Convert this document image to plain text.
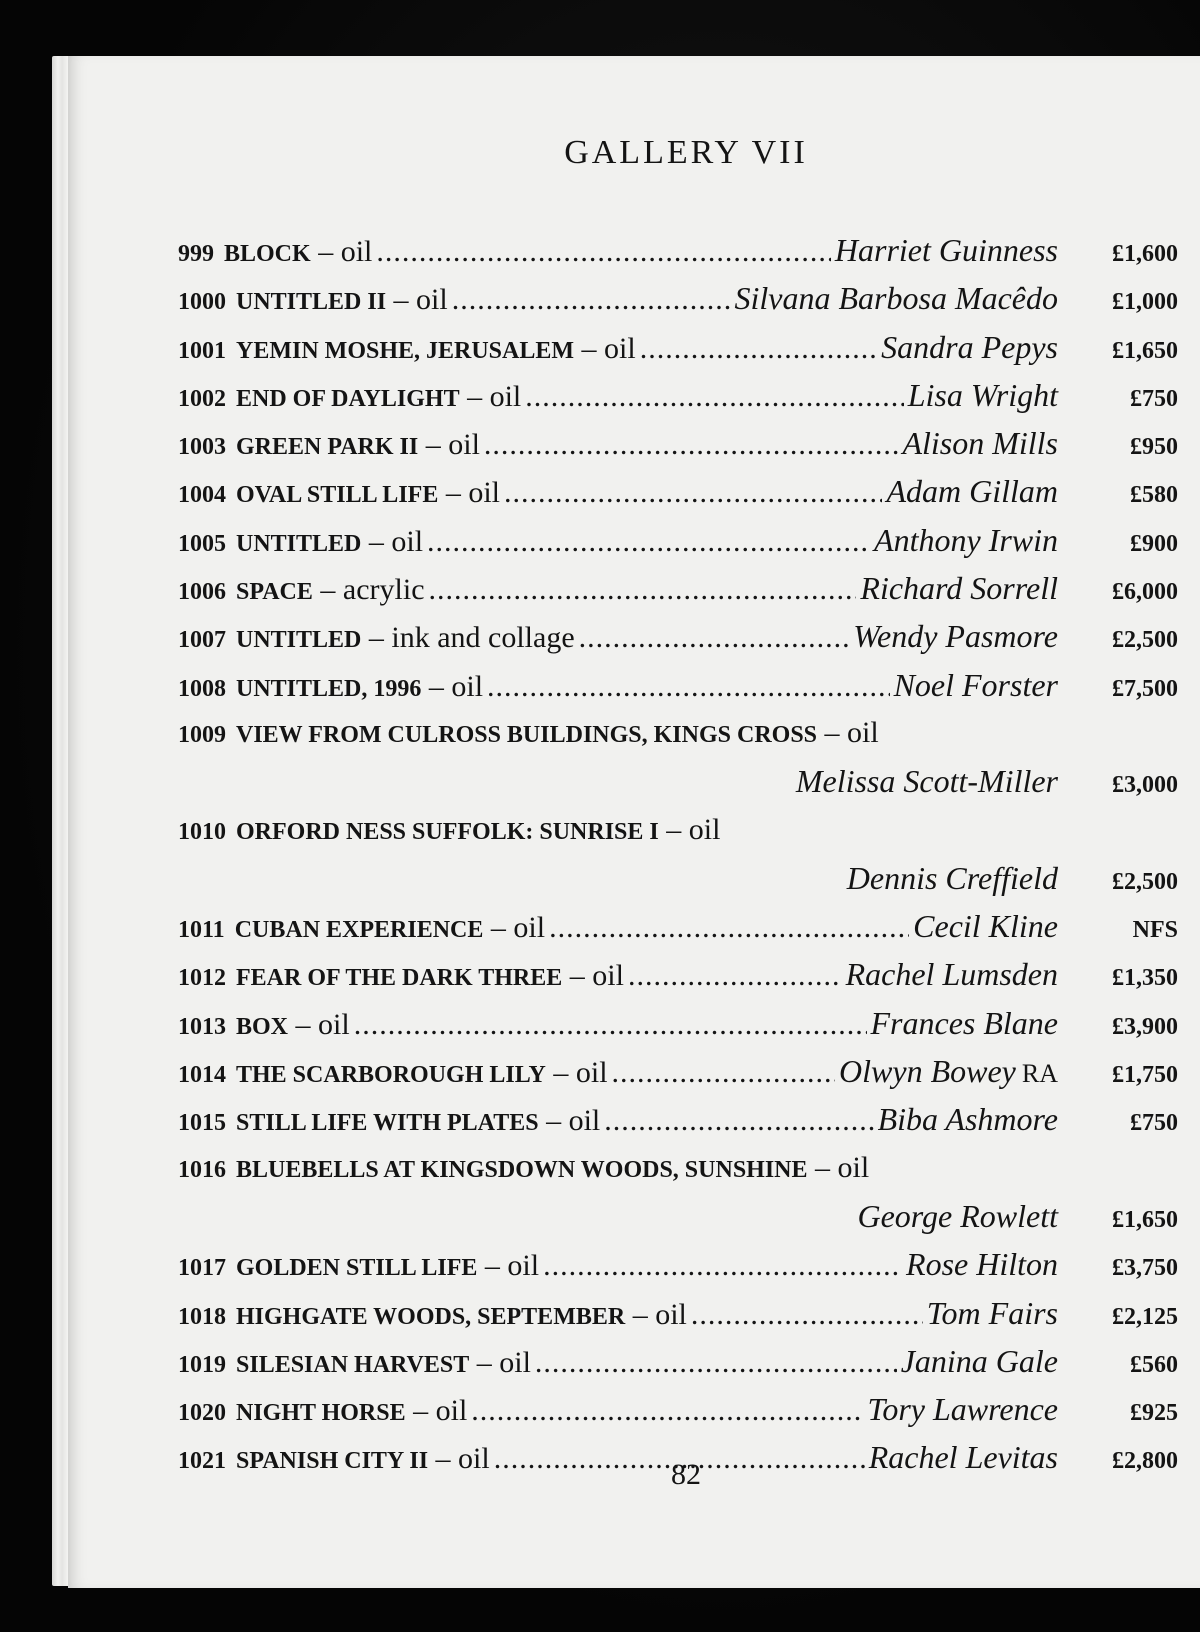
GALLERY VII
999 BLOCK – oil .....	Harriet Guinness	£1,600
1000 UNTITLED II – oil .....	Silvana Barbosa Macêdo	£1,000
1001 YEMIN MOSHE, JERUSALEM – oil .....	Sandra Pepys	£1,650
1002 END OF DAYLIGHT – oil .....	Lisa Wright	£750
1003 GREEN PARK II – oil .....	Alison Mills	£950
1004 OVAL STILL LIFE – oil .....	Adam Gillam	£580
1005 UNTITLED – oil .....	Anthony Irwin	£900
1006 SPACE – acrylic .....	Richard Sorrell	£6,000
1007 UNTITLED – ink and collage .....	Wendy Pasmore	£2,500
1008 UNTITLED, 1996 – oil .....	Noel Forster	£7,500
1009 VIEW FROM CULROSS BUILDINGS, KINGS CROSS – oil
Melissa Scott-Miller	£3,000
1010 ORFORD NESS SUFFOLK: SUNRISE I – oil
Dennis Creffield	£2,500
1011 CUBAN EXPERIENCE – oil .....	Cecil Kline	NFS
1012 FEAR OF THE DARK THREE – oil .....	Rachel Lumsden	£1,350
1013 BOX – oil .....	Frances Blane	£3,900
1014 THE SCARBOROUGH LILY – oil .....	Olwyn Bowey RA	£1,750
1015 STILL LIFE WITH PLATES – oil .....	Biba Ashmore	£750
1016 BLUEBELLS AT KINGSDOWN WOODS, SUNSHINE – oil
George Rowlett	£1,650
1017 GOLDEN STILL LIFE – oil .....	Rose Hilton	£3,750
1018 HIGHGATE WOODS, SEPTEMBER – oil .....	Tom Fairs	£2,125
1019 SILESIAN HARVEST – oil .....	Janina Gale	£560
1020 NIGHT HORSE – oil .....	Tory Lawrence	£925
1021 SPANISH CITY II – oil .....	Rachel Levitas	£2,800
82
